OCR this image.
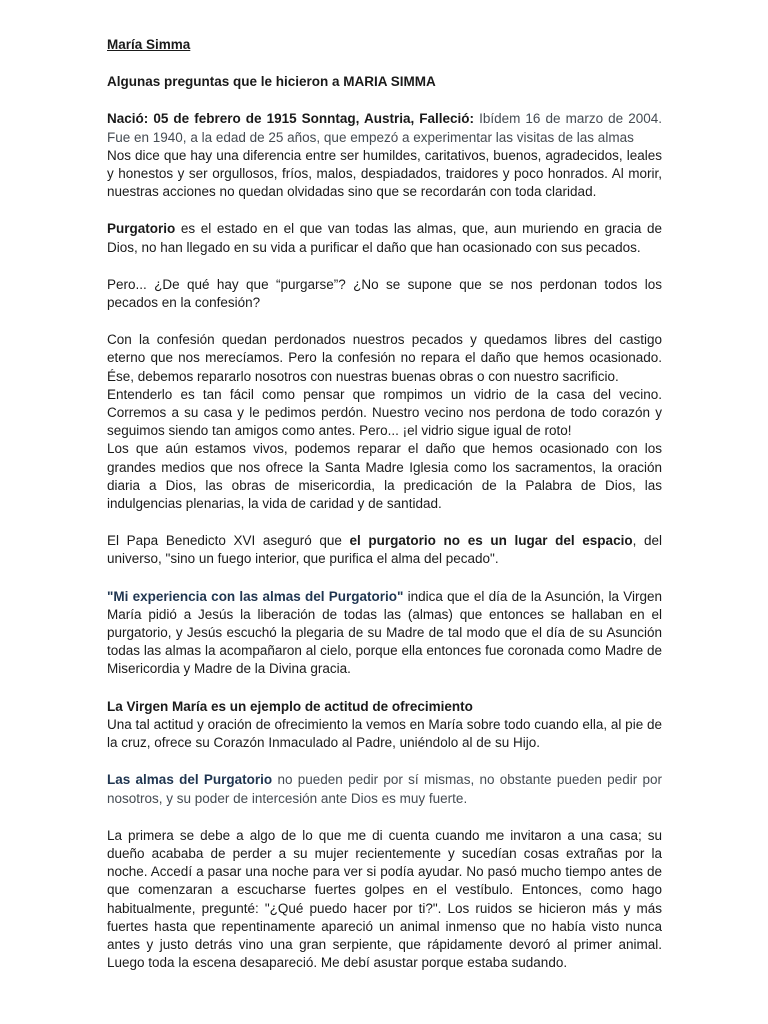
María Simma

Algunas preguntas que le hicieron a MARIA SIMMA

Nació: 05 de febrero de 1915 Sonntag, Austria, Falleció: Ibídem 16 de marzo de 2004. Fue en 1940, a la edad de 25 años, que empezó a experimentar las visitas de las almas

Nos dice que hay una diferencia entre ser humildes, caritativos, buenos, agradecidos, leales y honestos y ser orgullosos, fríos, malos, despiadados, traidores y poco honrados. Al morir, nuestras acciones no quedan olvidadas sino que se recordarán con toda claridad.

Purgatorio es el estado en el que van todas las almas, que, aun muriendo en gracia de Dios, no han llegado en su vida a purificar el daño que han ocasionado con sus pecados.

Pero... ¿De qué hay que “purgarse”? ¿No se supone que se nos perdonan todos los pecados en la confesión?

Con la confesión quedan perdonados nuestros pecados y quedamos libres del castigo eterno que nos merecíamos. Pero la confesión no repara el daño que hemos ocasionado. Ése, debemos repararlo nosotros con nuestras buenas obras o con nuestro sacrificio.

Entenderlo es tan fácil como pensar que rompimos un vidrio de la casa del vecino. Corremos a su casa y le pedimos perdón. Nuestro vecino nos perdona de todo corazón y seguimos siendo tan amigos como antes. Pero... ¡el vidrio sigue igual de roto!

Los que aún estamos vivos, podemos reparar el daño que hemos ocasionado con los grandes medios que nos ofrece la Santa Madre Iglesia como los sacramentos, la oración diaria a Dios, las obras de misericordia, la predicación de la Palabra de Dios, las indulgencias plenarias, la vida de caridad y de santidad.

El Papa Benedicto XVI aseguró que el purgatorio no es un lugar del espacio, del universo, "sino un fuego interior, que purifica el alma del pecado".

"Mi experiencia con las almas del Purgatorio" indica que el día de la Asunción, la Virgen María pidió a Jesús la liberación de todas las (almas) que entonces se hallaban en el purgatorio, y Jesús escuchó la plegaria de su Madre de tal modo que el día de su Asunción todas las almas la acompañaron al cielo, porque ella entonces fue coronada como Madre de Misericordia y Madre de la Divina gracia.

La Virgen María es un ejemplo de actitud de ofrecimiento

Una tal actitud y oración de ofrecimiento la vemos en María sobre todo cuando ella, al pie de la cruz, ofrece su Corazón Inmaculado al Padre, uniéndolo al de su Hijo.

Las almas del Purgatorio no pueden pedir por sí mismas, no obstante pueden pedir por nosotros, y su poder de intercesión ante Dios es muy fuerte.

La primera se debe a algo de lo que me di cuenta cuando me invitaron a una casa; su dueño acababa de perder a su mujer recientemente y sucedían cosas extrañas por la noche. Accedí a pasar una noche para ver si podía ayudar. No pasó mucho tiempo antes de que comenzaran a escucharse fuertes golpes en el vestíbulo. Entonces, como hago habitualmente, pregunté: "¿Qué puedo hacer por ti?". Los ruidos se hicieron más y más fuertes hasta que repentinamente apareció un animal inmenso que no había visto nunca antes y justo detrás vino una gran serpiente, que rápidamente devoró al primer animal. Luego toda la escena desapareció. Me debí asustar porque estaba sudando.
